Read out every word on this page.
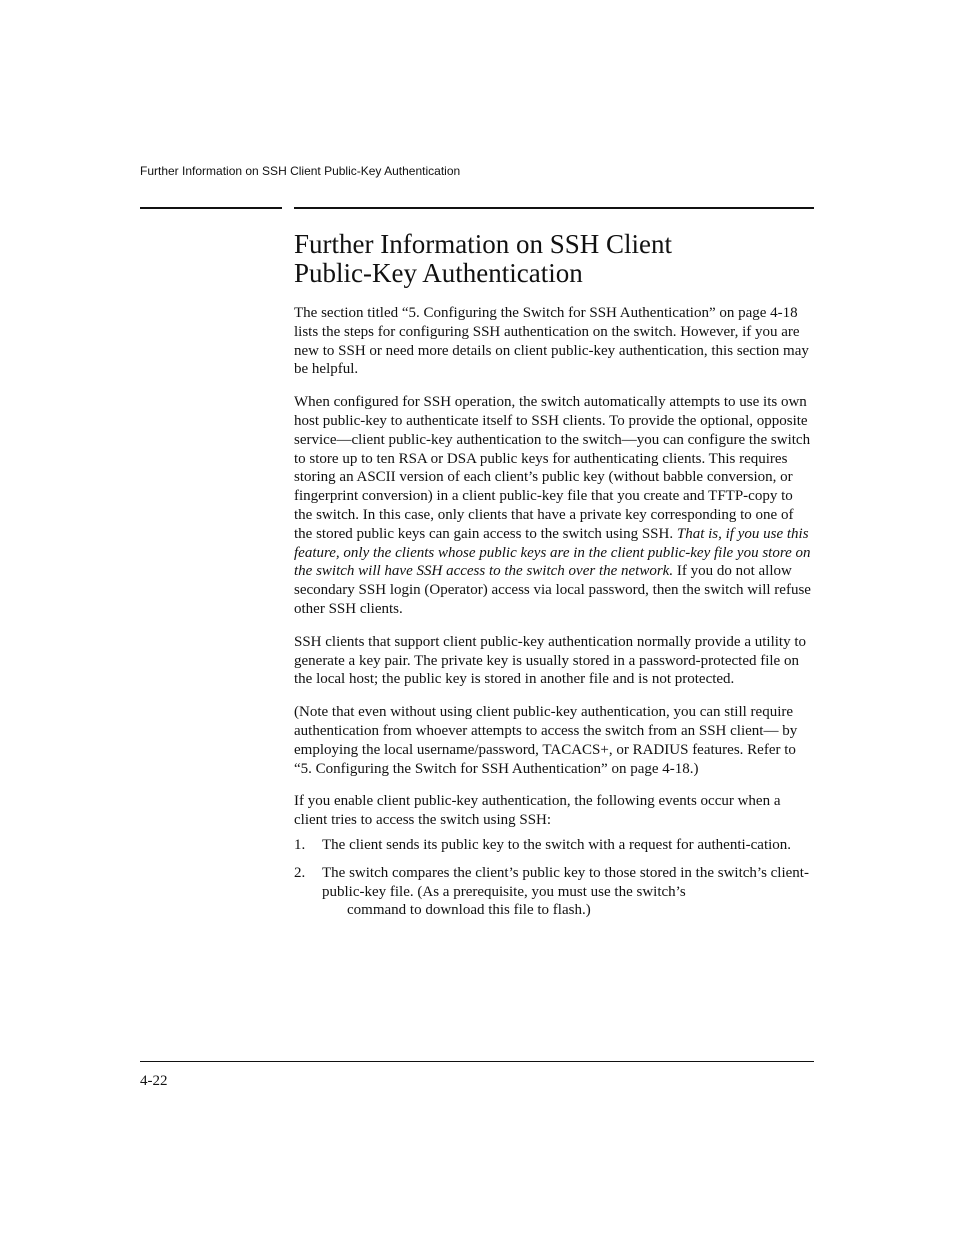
Further Information on SSH Client Public-Key Authentication
Further Information on SSH Client
Public-Key Authentication

The section titled “5. Configuring the Switch for SSH Authentication” on page 4-18 lists the steps for configuring SSH authentication on the switch. However, if you are new to SSH or need more details on client public-key authentication, this section may be helpful.

When configured for SSH operation, the switch automatically attempts to use its own host public-key to authenticate itself to SSH clients. To provide the optional, opposite service—client public-key authentication to the switch—you can configure the switch to store up to ten RSA or DSA public keys for authenticating clients. This requires storing an ASCII version of each client’s public key (without babble conversion, or fingerprint conversion) in a client public-key file that you create and TFTP-copy to the switch. In this case, only clients that have a private key corresponding to one of the stored public keys can gain access to the switch using SSH. That is, if you use this feature, only the clients whose public keys are in the client public-key file you store on the switch will have SSH access to the switch over the network. If you do not allow secondary SSH login (Operator) access via local password, then the switch will refuse other SSH clients.

SSH clients that support client public-key authentication normally provide a utility to generate a key pair. The private key is usually stored in a password-protected file on the local host; the public key is stored in another file and is not protected.

(Note that even without using client public-key authentication, you can still require authentication from whoever attempts to access the switch from an SSH client— by employing the local username/password, TACACS+, or RADIUS features. Refer to “5. Configuring the Switch for SSH Authentication” on page 4-18.)

If you enable client public-key authentication, the following events occur when a client tries to access the switch using SSH:

1. The client sends its public key to the switch with a request for authenti-cation.
2. The switch compares the client’s public key to those stored in the switch’s client-public-key file. (As a prerequisite, you must use the switch’s
command to download this file to flash.)
4-22
